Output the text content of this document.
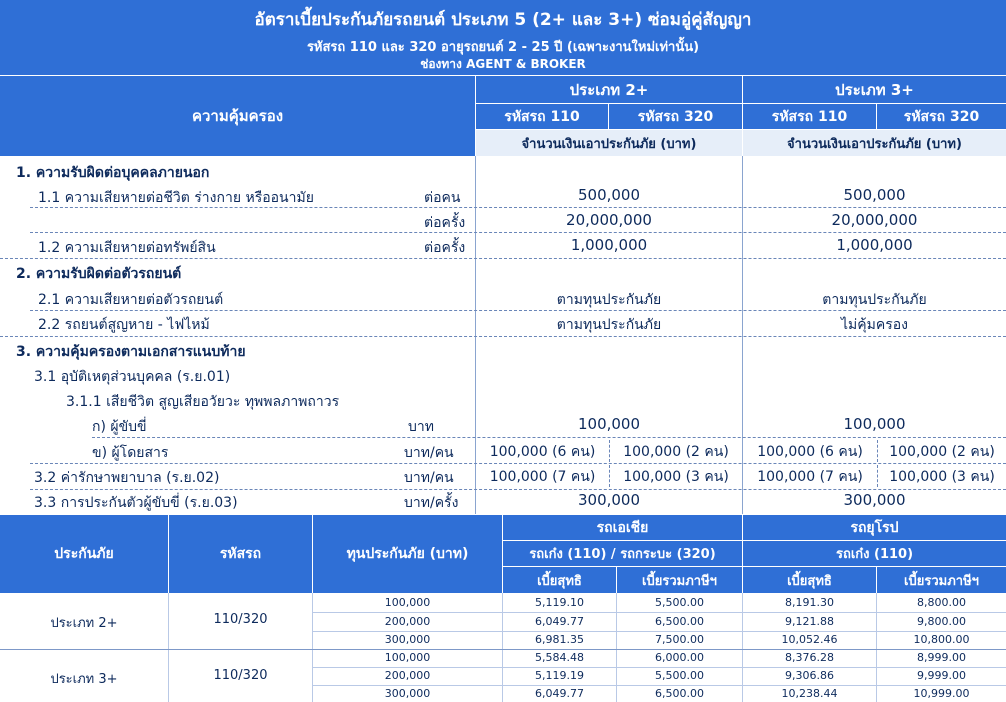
อัตราเบี้ยประกันภัยรถยนต์ ประเภท 5 (2+ และ 3+) ซ่อมอู่คู่สัญญา
รหัสรถ 110 และ 320 อายุรถยนต์ 2 - 25 ปี (เฉพาะงานใหม่เท่านั้น)
ช่องทาง AGENT & BROKER
ความคุ้มครอง
ประเภท 2+	ประเภท 3+
รหัสรถ 110	รหัสรถ 320	รหัสรถ 110	รหัสรถ 320
จำนวนเงินเอาประกันภัย (บาท)	จำนวนเงินเอาประกันภัย (บาท)
1. ความรับผิดต่อบุคคลภายนอก
1.1 ความเสียหายต่อชีวิต ร่างกาย หรืออนามัย	ต่อคน	500,000	500,000
ต่อครั้ง	20,000,000	20,000,000
1.2 ความเสียหายต่อทรัพย์สิน	ต่อครั้ง	1,000,000	1,000,000
2. ความรับผิดต่อตัวรถยนต์
2.1 ความเสียหายต่อตัวรถยนต์	ตามทุนประกันภัย	ตามทุนประกันภัย
2.2 รถยนต์สูญหาย - ไฟไหม้	ตามทุนประกันภัย	ไม่คุ้มครอง
3. ความคุ้มครองตามเอกสารแนบท้าย
3.1 อุบัติเหตุส่วนบุคคล (ร.ย.01)
3.1.1 เสียชีวิต สูญเสียอวัยวะ ทุพพลภาพถาวร
ก) ผู้ขับขี่	บาท	100,000	100,000
ข) ผู้โดยสาร	บาท/คน	100,000 (6 คน)	100,000 (2 คน)	100,000 (6 คน)	100,000 (2 คน)
3.2 ค่ารักษาพยาบาล (ร.ย.02)	บาท/คน	100,000 (7 คน)	100,000 (3 คน)	100,000 (7 คน)	100,000 (3 คน)
3.3 การประกันตัวผู้ขับขี่ (ร.ย.03)	บาท/ครั้ง	300,000	300,000
ประกันภัย	รหัสรถ	ทุนประกันภัย (บาท)
รถเอเชีย	รถยุโรป
รถเก๋ง (110) / รถกระบะ (320)	รถเก๋ง (110)
เบี้ยสุทธิ	เบี้ยรวมภาษีฯ	เบี้ยสุทธิ	เบี้ยรวมภาษีฯ
ประเภท 2+	110/320
100,000	5,119.10	5,500.00	8,191.30	8,800.00
200,000	6,049.77	6,500.00	9,121.88	9,800.00
300,000	6,981.35	7,500.00	10,052.46	10,800.00
ประเภท 3+	110/320
100,000	5,584.48	6,000.00	8,376.28	8,999.00
200,000	5,119.19	5,500.00	9,306.86	9,999.00
300,000	6,049.77	6,500.00	10,238.44	10,999.00
